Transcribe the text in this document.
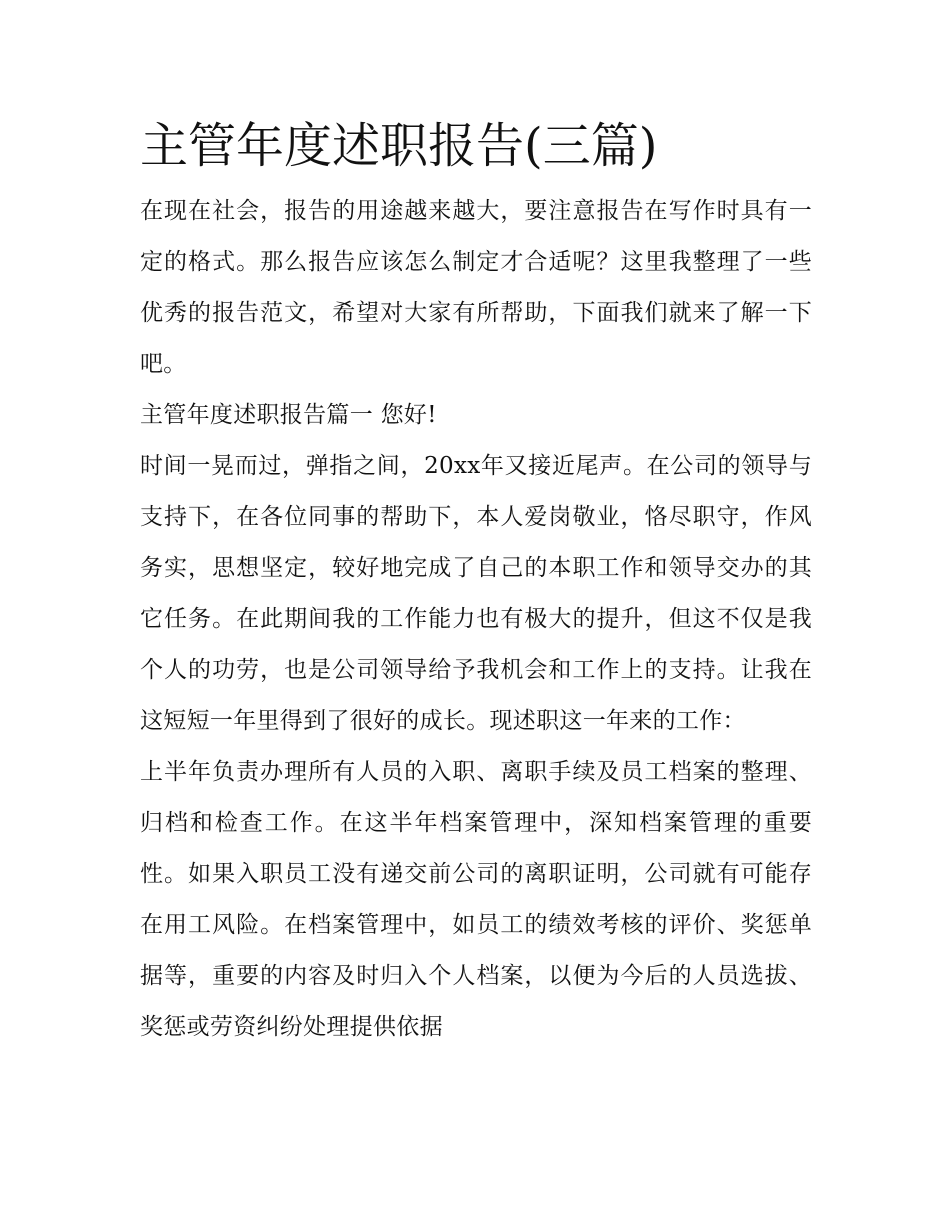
主管年度述职报告(三篇)

在现在社会，报告的用途越来越大，要注意报告在写作时具有一定的格式。那么报告应该怎么制定才合适呢？这里我整理了一些优秀的报告范文，希望对大家有所帮助，下面我们就来了解一下吧。

主管年度述职报告篇一 您好!

时间一晃而过，弹指之间，20xx年又接近尾声。在公司的领导与支持下，在各位同事的帮助下，本人爱岗敬业，恪尽职守，作风务实，思想坚定，较好地完成了自己的本职工作和领导交办的其它任务。在此期间我的工作能力也有极大的提升，但这不仅是我个人的功劳，也是公司领导给予我机会和工作上的支持。让我在这短短一年里得到了很好的成长。现述职这一年来的工作：

上半年负责办理所有人员的入职、离职手续及员工档案的整理、归档和检查工作。在这半年档案管理中，深知档案管理的重要性。如果入职员工没有递交前公司的离职证明，公司就有可能存在用工风险。在档案管理中，如员工的绩效考核的评价、奖惩单据等，重要的内容及时归入个人档案，以便为今后的人员选拔、奖惩或劳资纠纷处理提供依据
